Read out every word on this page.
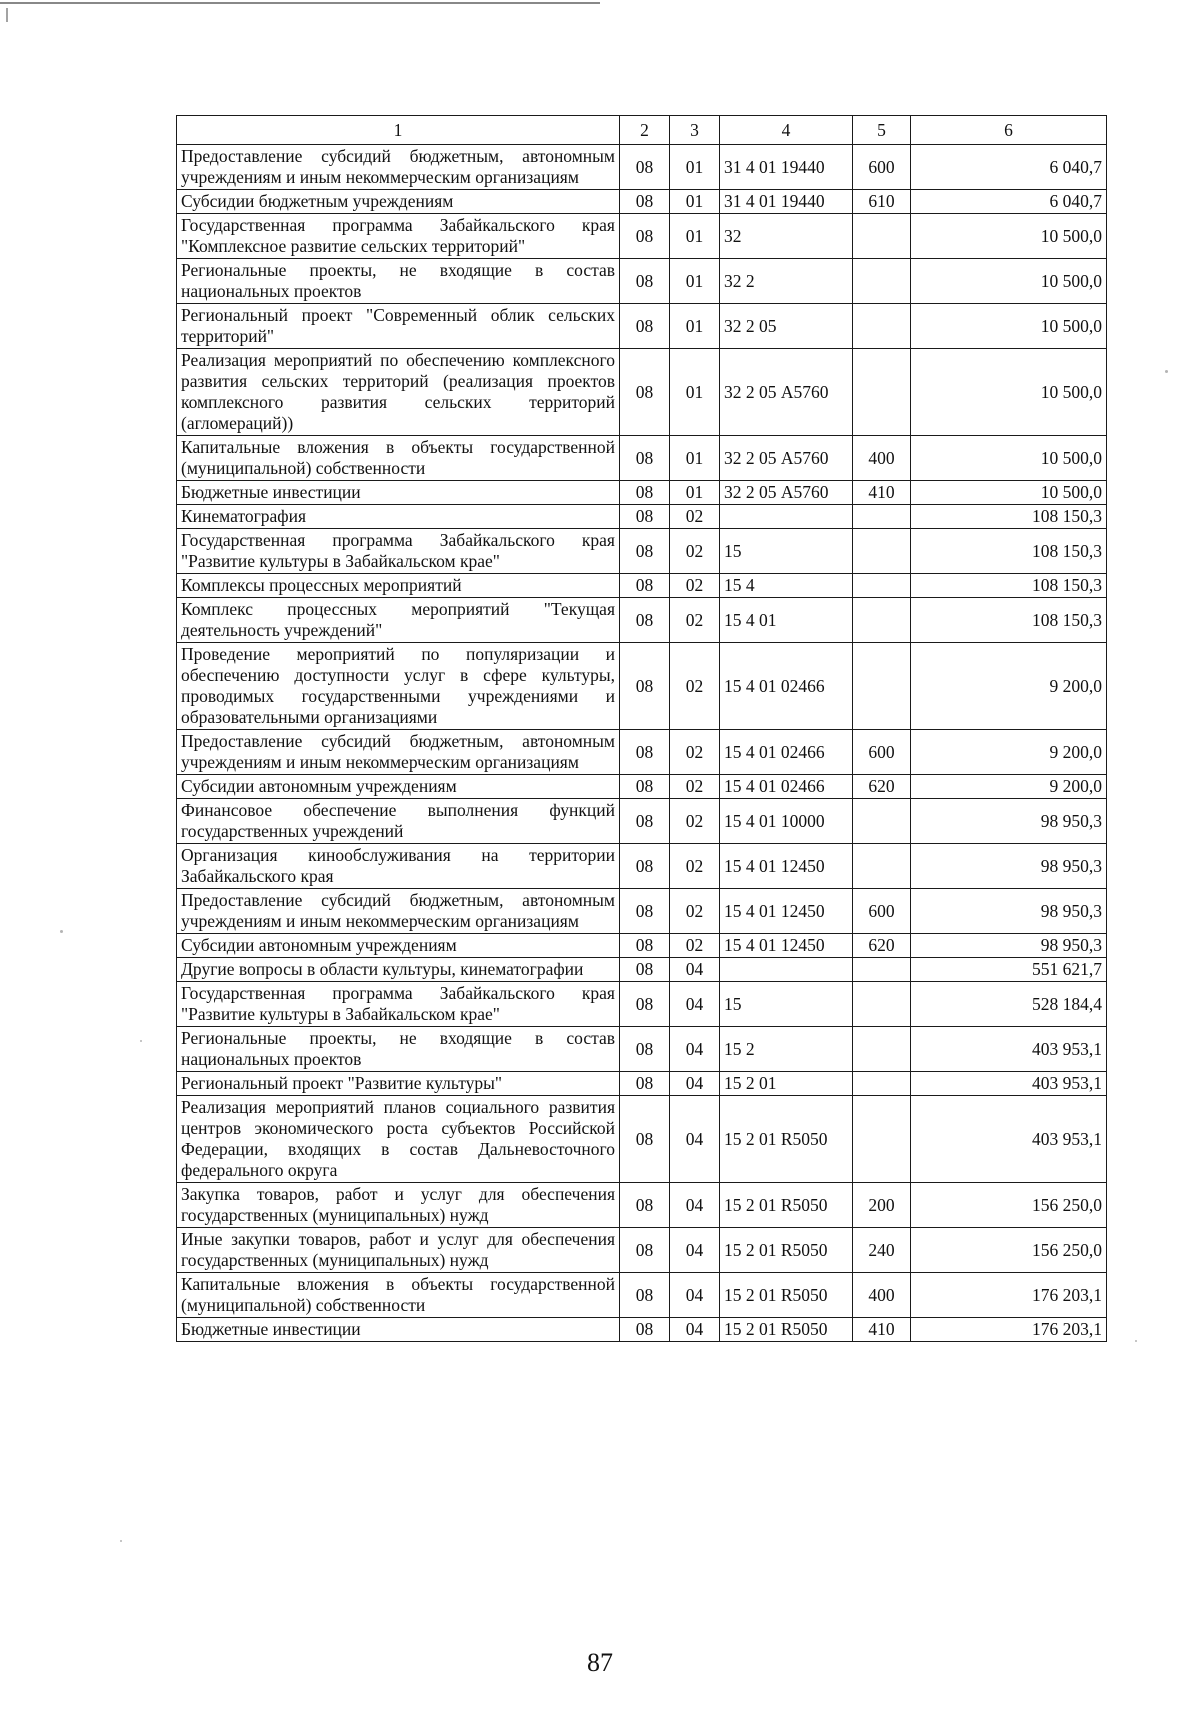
1	2	3	4	5	6
Предоставление субсидий бюджетным, автономным учреждениям и иным некоммерческим организациям	08	01	31 4 01 19440	600	6 040,7
Субсидии бюджетным учреждениям	08	01	31 4 01 19440	610	6 040,7
Государственная программа Забайкальского края "Комплексное развитие сельских территорий"	08	01	32		10 500,0
Региональные проекты, не входящие в состав национальных проектов	08	01	32 2		10 500,0
Региональный проект "Современный облик сельских территорий"	08	01	32 2 05		10 500,0
Реализация мероприятий по обеспечению комплексного развития сельских территорий (реализация проектов комплексного развития сельских территорий (агломераций))	08	01	32 2 05 А5760		10 500,0
Капитальные вложения в объекты государственной (муниципальной) собственности	08	01	32 2 05 А5760	400	10 500,0
Бюджетные инвестиции	08	01	32 2 05 А5760	410	10 500,0
Кинематография	08	02			108 150,3
Государственная программа Забайкальского края "Развитие культуры в Забайкальском крае"	08	02	15		108 150,3
Комплексы процессных мероприятий	08	02	15 4		108 150,3
Комплекс процессных мероприятий "Текущая деятельность учреждений"	08	02	15 4 01		108 150,3
Проведение мероприятий по популяризации и обеспечению доступности услуг в сфере культуры, проводимых государственными учреждениями и образовательными организациями	08	02	15 4 01 02466		9 200,0
Предоставление субсидий бюджетным, автономным учреждениям и иным некоммерческим организациям	08	02	15 4 01 02466	600	9 200,0
Субсидии автономным учреждениям	08	02	15 4 01 02466	620	9 200,0
Финансовое обеспечение выполнения функций государственных учреждений	08	02	15 4 01 10000		98 950,3
Организация кинообслуживания на территории Забайкальского края	08	02	15 4 01 12450		98 950,3
Предоставление субсидий бюджетным, автономным учреждениям и иным некоммерческим организациям	08	02	15 4 01 12450	600	98 950,3
Субсидии автономным учреждениям	08	02	15 4 01 12450	620	98 950,3
Другие вопросы в области культуры, кинематографии	08	04			551 621,7
Государственная программа Забайкальского края "Развитие культуры в Забайкальском крае"	08	04	15		528 184,4
Региональные проекты, не входящие в состав национальных проектов	08	04	15 2		403 953,1
Региональный проект "Развитие культуры"	08	04	15 2 01		403 953,1
Реализация мероприятий планов социального развития центров экономического роста субъектов Российской Федерации, входящих в состав Дальневосточного федерального округа	08	04	15 2 01 R5050		403 953,1
Закупка товаров, работ и услуг для обеспечения государственных (муниципальных) нужд	08	04	15 2 01 R5050	200	156 250,0
Иные закупки товаров, работ и услуг для обеспечения государственных (муниципальных) нужд	08	04	15 2 01 R5050	240	156 250,0
Капитальные вложения в объекты государственной (муниципальной) собственности	08	04	15 2 01 R5050	400	176 203,1
Бюджетные инвестиции	08	04	15 2 01 R5050	410	176 203,1
87
